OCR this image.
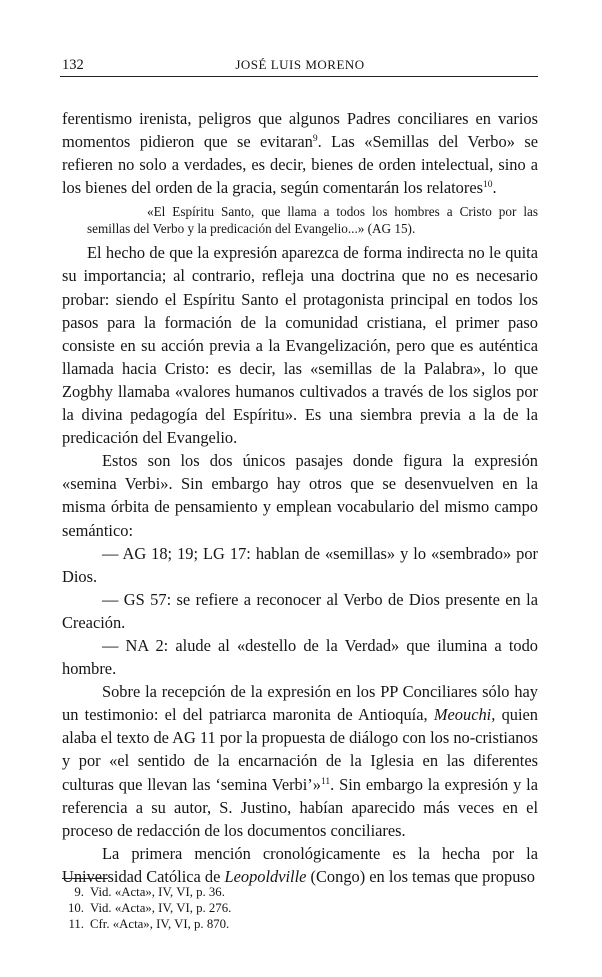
132	JOSÉ LUIS MORENO

ferentismo irenista, peligros que algunos Padres conciliares en varios momentos pidieron que se evitaran$^9$. Las «Semillas del Verbo» se refieren no solo a verdades, es decir, bienes de orden intelectual, sino a los bienes del orden de la gracia, según comentarán los relatores$^{10}$.

«El Espíritu Santo, que llama a todos los hombres a Cristo por las semillas del Verbo y la predicación del Evangelio...» (AG 15).

El hecho de que la expresión aparezca de forma indirecta no le quita su importancia; al contrario, refleja una doctrina que no es necesario probar: siendo el Espíritu Santo el protagonista principal en todos los pasos para la formación de la comunidad cristiana, el primer paso consiste en su acción previa a la Evangelización, pero que es auténtica llamada hacia Cristo: es decir, las «semillas de la Palabra», lo que Zogbhy llamaba «valores humanos cultivados a través de los siglos por la divina pedagogía del Espíritu». Es una siembra previa a la de la predicación del Evangelio.

Estos son los dos únicos pasajes donde figura la expresión «semina Verbi». Sin embargo hay otros que se desenvuelven en la misma órbita de pensamiento y emplean vocabulario del mismo campo semántico:

— AG 18; 19; LG 17: hablan de «semillas» y lo «sembrado» por Dios.

— GS 57: se refiere a reconocer al Verbo de Dios presente en la Creación.

— NA 2: alude al «destello de la Verdad» que ilumina a todo hombre.

Sobre la recepción de la expresión en los PP Conciliares sólo hay un testimonio: el del patriarca maronita de Antioquía, Meouchi, quien alaba el texto de AG 11 por la propuesta de diálogo con los no-cristianos y por «el sentido de la encarnación de la Iglesia en las diferentes culturas que llevan las ‘semina Verbi’»$^{11}$. Sin embargo la expresión y la referencia a su autor, S. Justino, habían aparecido más veces en el proceso de redacción de los documentos conciliares.

La primera mención cronológicamente es la hecha por la Universidad Católica de Leopoldville (Congo) en los temas que propuso

9. Vid. «Acta», IV, VI, p. 36.
10. Vid. «Acta», IV, VI, p. 276.
11. Cfr. «Acta», IV, VI, p. 870.
